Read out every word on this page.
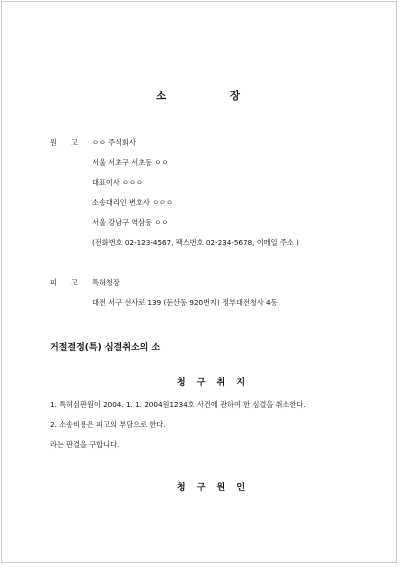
소 장
원고 ㅇㅇ 주식회사
서울 서초구 서초동 ㅇㅇ
대표이사 ㅇㅇㅇ
소송대리인 변호사 ㅇㅇㅇ
서울 강남구 역삼동 ㅇㅇ
(전화번호 02-123-4567, 팩스번호 02-234-5678, 이메일 주소 )
피고 특허청장
대전 서구 선사로 139 (둔산동 920번지) 정부대전청사 4동
거절결정(특) 심결취소의 소
청 구 취 지
1. 특허심판원이 2004. 1. 1. 2004원1234호 사건에 관하여 한 심결을 취소한다.
2. 소송비용은 피고의 부담으로 한다.
라는 판결을 구합니다.
청 구 원 인
